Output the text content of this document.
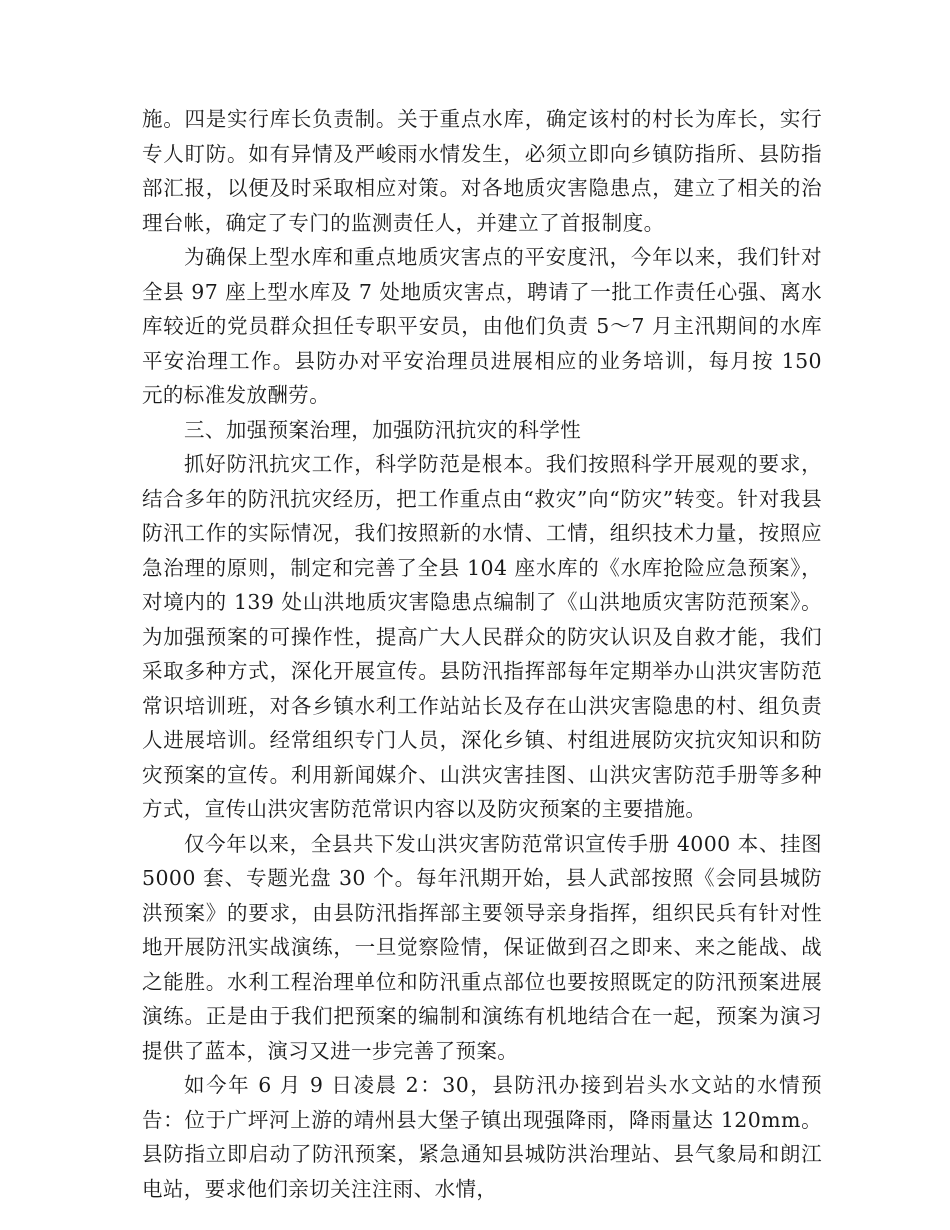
施。四是实行库长负责制。关于重点水库，确定该村的村长为库长，实行专人盯防。如有异情及严峻雨水情发生，必须立即向乡镇防指所、县防指部汇报，以便及时采取相应对策。对各地质灾害隐患点，建立了相关的治理台帐，确定了专门的监测责任人，并建立了首报制度。

为确保上型水库和重点地质灾害点的平安度汛，今年以来，我们针对全县 97 座上型水库及 7 处地质灾害点，聘请了一批工作责任心强、离水库较近的党员群众担任专职平安员，由他们负责 5～7 月主汛期间的水库平安治理工作。县防办对平安治理员进展相应的业务培训，每月按 150 元的标准发放酬劳。

三、加强预案治理，加强防汛抗灾的科学性

抓好防汛抗灾工作，科学防范是根本。我们按照科学开展观的要求，结合多年的防汛抗灾经历，把工作重点由“救灾”向“防灾”转变。针对我县防汛工作的实际情况，我们按照新的水情、工情，组织技术力量，按照应急治理的原则，制定和完善了全县 104 座水库的《水库抢险应急预案》，对境内的 139 处山洪地质灾害隐患点编制了《山洪地质灾害防范预案》。为加强预案的可操作性，提高广大人民群众的防灾认识及自救才能，我们采取多种方式，深化开展宣传。县防汛指挥部每年定期举办山洪灾害防范常识培训班，对各乡镇水利工作站站长及存在山洪灾害隐患的村、组负责人进展培训。经常组织专门人员，深化乡镇、村组进展防灾抗灾知识和防灾预案的宣传。利用新闻媒介、山洪灾害挂图、山洪灾害防范手册等多种方式，宣传山洪灾害防范常识内容以及防灾预案的主要措施。

仅今年以来，全县共下发山洪灾害防范常识宣传手册 4000 本、挂图 5000 套、专题光盘 30 个。每年汛期开始，县人武部按照《会同县城防洪预案》的要求，由县防汛指挥部主要领导亲身指挥，组织民兵有针对性地开展防汛实战演练，一旦觉察险情，保证做到召之即来、来之能战、战之能胜。水利工程治理单位和防汛重点部位也要按照既定的防汛预案进展演练。正是由于我们把预案的编制和演练有机地结合在一起，预案为演习提供了蓝本，演习又进一步完善了预案。

如今年 6 月 9 日凌晨 2：30，县防汛办接到岩头水文站的水情预告：位于广坪河上游的靖州县大堡子镇出现强降雨，降雨量达 120mm。县防指立即启动了防汛预案，紧急通知县城防洪治理站、县气象局和朗江电站，要求他们亲切关注注雨、水情，
